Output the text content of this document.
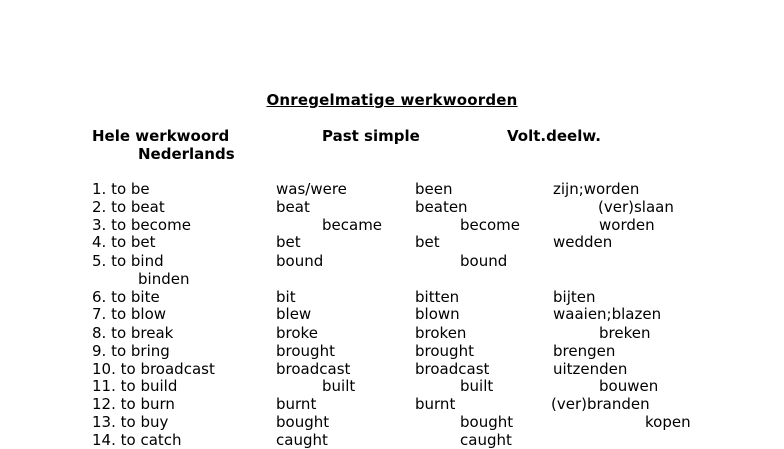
Onregelmatige werkwoorden
Hele werkwoord	Past simple	Volt.deelw.
Nederlands
1. to be	was/were	been	zijn;worden
2. to beat	beat	beaten	(ver)slaan
3. to become	became	become	worden
4. to bet	bet	bet	wedden
5. to bind	bound	bound
binden
6. to bite	bit	bitten	bijten
7. to blow	blew	blown	waaien;blazen
8. to break	broke	broken	breken
9. to bring	brought	brought	brengen
10. to broadcast	broadcast	broadcast	uitzenden
11. to build	built	built	bouwen
12. to burn	burnt	burnt	(ver)branden
13. to buy	bought	bought	kopen
14. to catch	caught	caught
